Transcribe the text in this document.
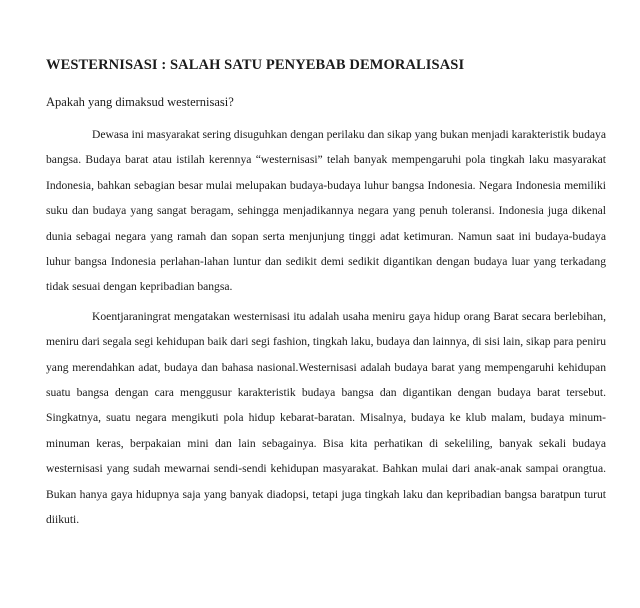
WESTERNISASI : SALAH SATU PENYEBAB DEMORALISASI
Apakah yang dimaksud westernisasi?

Dewasa ini masyarakat sering disuguhkan dengan perilaku dan sikap yang bukan menjadi karakteristik budaya bangsa. Budaya barat atau istilah kerennya “westernisasi” telah banyak mempengaruhi pola tingkah laku masyarakat Indonesia, bahkan sebagian besar mulai melupakan budaya-budaya luhur bangsa Indonesia. Negara Indonesia memiliki suku dan budaya yang sangat beragam, sehingga menjadikannya negara yang penuh toleransi. Indonesia juga dikenal dunia sebagai negara yang ramah dan sopan serta menjunjung tinggi adat ketimuran. Namun saat ini budaya-budaya luhur bangsa Indonesia perlahan-lahan luntur dan sedikit demi sedikit digantikan dengan budaya luar yang terkadang tidak sesuai dengan kepribadian bangsa.

Koentjaraningrat mengatakan westernisasi itu adalah usaha meniru gaya hidup orang Barat secara berlebihan, meniru dari segala segi kehidupan baik dari segi fashion, tingkah laku, budaya dan lainnya, di sisi lain, sikap para peniru yang merendahkan adat, budaya dan bahasa nasional.Westernisasi adalah budaya barat yang mempengaruhi kehidupan suatu bangsa dengan cara menggusur karakteristik budaya bangsa dan digantikan dengan budaya barat tersebut. Singkatnya, suatu negara mengikuti pola hidup kebarat-baratan. Misalnya, budaya ke klub malam, budaya minum-minuman keras, berpakaian mini dan lain sebagainya. Bisa kita perhatikan di sekeliling, banyak sekali budaya westernisasi yang sudah mewarnai sendi-sendi kehidupan masyarakat. Bahkan mulai dari anak-anak sampai orangtua. Bukan hanya gaya hidupnya saja yang banyak diadopsi, tetapi juga tingkah laku dan kepribadian bangsa baratpun turut diikuti.
